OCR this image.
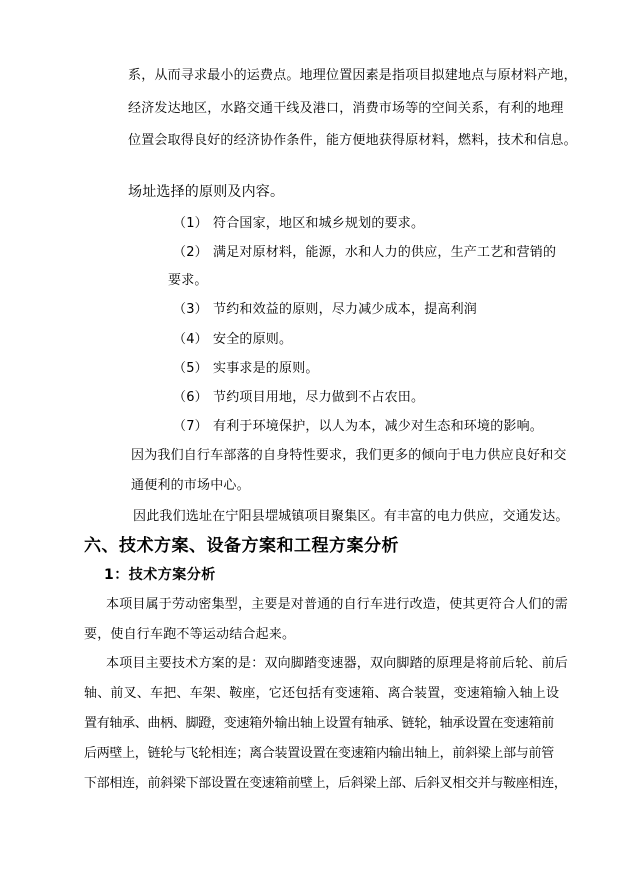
系，从而寻求最小的运费点。地理位置因素是指项目拟建地点与原材料产地，
经济发达地区，水路交通干线及港口，消费市场等的空间关系，有利的地理
位置会取得良好的经济协作条件，能方便地获得原材料，燃料，技术和信息。
场址选择的原则及内容。
（1） 符合国家，地区和城乡规划的要求。
（2） 满足对原材料，能源，水和人力的供应，生产工艺和营销的
要求。
（3） 节约和效益的原则，尽力减少成本，提高利润
（4） 安全的原则。
（5） 实事求是的原则。
（6） 节约项目用地，尽力做到不占农田。
（7） 有利于环境保护，以人为本，减少对生态和环境的影响。
因为我们自行车部落的自身特性要求，我们更多的倾向于电力供应良好和交
通便利的市场中心。
因此我们选址在宁阳县堽城镇项目聚集区。有丰富的电力供应，交通发达。
六、技术方案、设备方案和工程方案分析
1：技术方案分析
本项目属于劳动密集型，主要是对普通的自行车进行改造，使其更符合人们的需
要，使自行车跑不等运动结合起来。
本项目主要技术方案的是：双向脚踏变速器，双向脚踏的原理是将前后轮、前后
轴、前叉、车把、车架、鞍座，它还包括有变速箱、离合装置，变速箱输入轴上设
置有轴承、曲柄、脚蹬，变速箱外输出轴上设置有轴承、链轮，轴承设置在变速箱前
后两壁上，链轮与飞轮相连；离合装置设置在变速箱内输出轴上，前斜梁上部与前管
下部相连，前斜梁下部设置在变速箱前壁上，后斜梁上部、后斜叉相交并与鞍座相连，
